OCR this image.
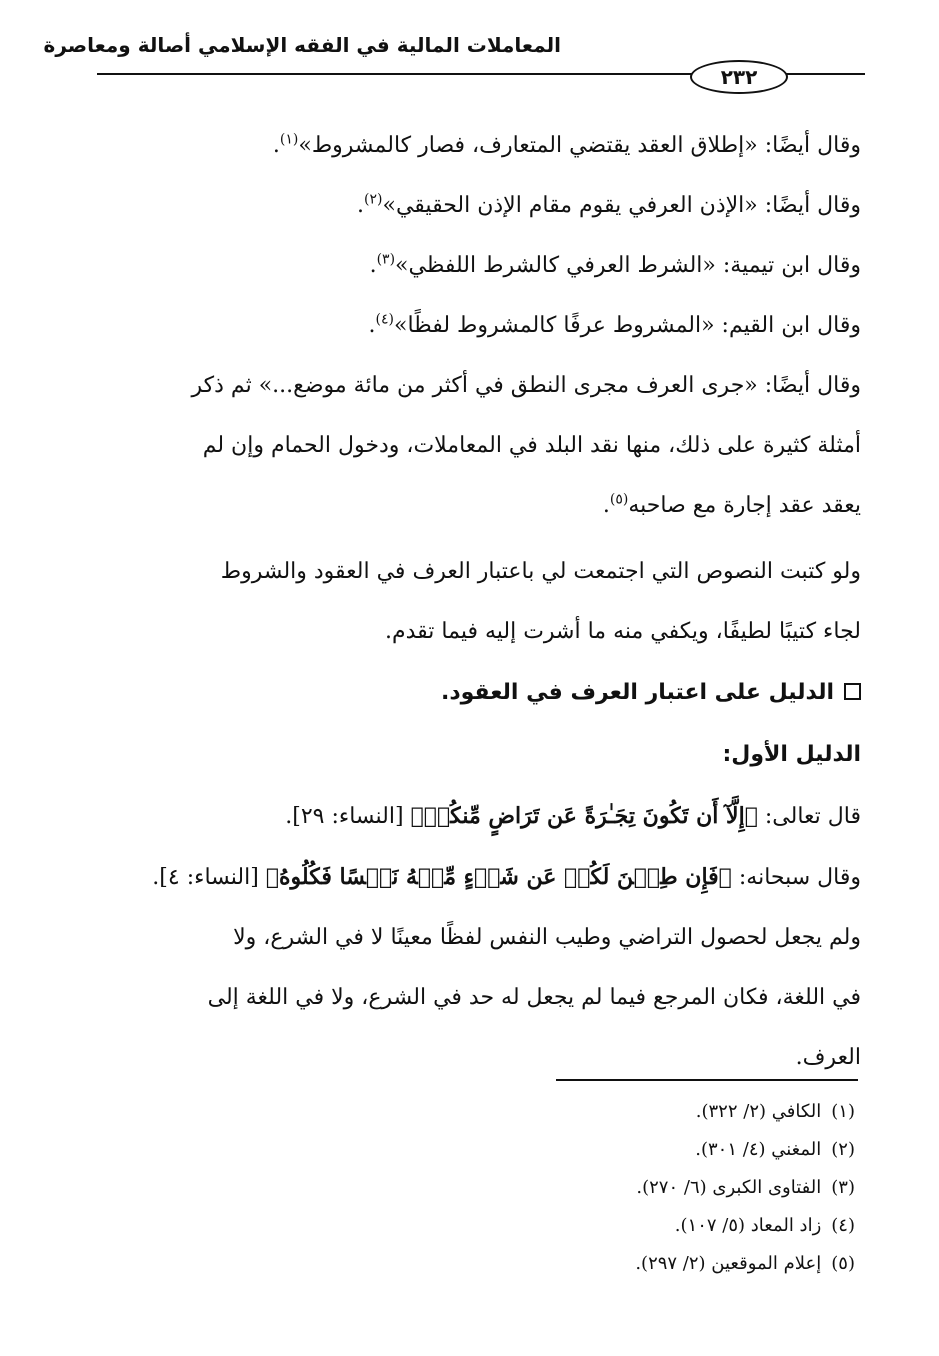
المعاملات المالية في الفقه الإسلامي أصالة ومعاصرة
٢٣٢

وقال أيضًا: «إطلاق العقد يقتضي المتعارف، فصار كالمشروط»$^{(١)}$.

وقال أيضًا: «الإذن العرفي يقوم مقام الإذن الحقيقي»$^{(٢)}$.

وقال ابن تيمية: «الشرط العرفي كالشرط اللفظي»$^{(٣)}$.

وقال ابن القيم: «المشروط عرفًا كالمشروط لفظًا»$^{(٤)}$.

وقال أيضًا: «جرى العرف مجرى النطق في أكثر من مائة موضع...» ثم ذكر
أمثلة كثيرة على ذلك، منها نقد البلد في المعاملات، ودخول الحمام وإن لم
يعقد عقد إجارة مع صاحبه$^{(٥)}$.

ولو كتبت النصوص التي اجتمعت لي باعتبار العرف في العقود والشروط
لجاء كتيبًا لطيفًا، ويكفي منه ما أشرت إليه فيما تقدم.

الدليل على اعتبار العرف في العقود.

الدليل الأول:

قال تعالى: ﴿إِلَّآ أَن تَكُونَ تِجَـٰرَةً عَن تَرَاضٍ مِّنكُمۡ﴾ [النساء: ٢٩].

وقال سبحانه: ﴿فَإِن طِبۡنَ لَكُمۡ عَن شَىۡءٍ مِّنۡهُ نَفۡسًا فَكُلُوهُ﴾ [النساء: ٤].

ولم يجعل لحصول التراضي وطيب النفس لفظًا معينًا لا في الشرع، ولا
في اللغة، فكان المرجع فيما لم يجعل له حد في الشرع، ولا في اللغة إلى
العرف.

(١)الكافي (٢/ ٣٢٢).
(٢)المغني (٤/ ٣٠١).
(٣)الفتاوى الكبرى (٦/ ٢٧٠).
(٤)زاد المعاد (٥/ ١٠٧).
(٥)إعلام الموقعين (٢/ ٢٩٧).
